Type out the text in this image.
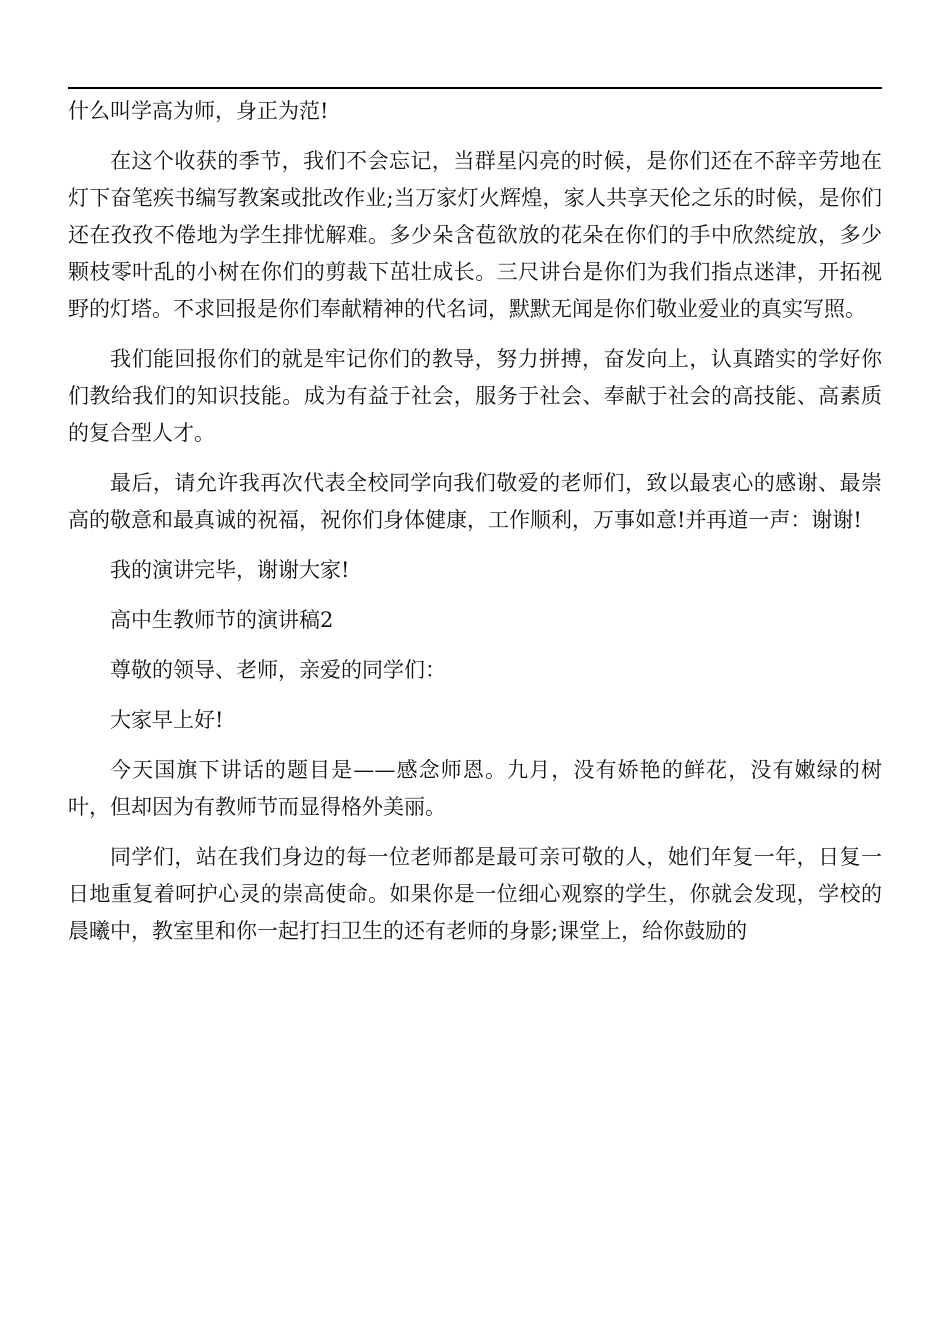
什么叫学高为师，身正为范!

在这个收获的季节，我们不会忘记，当群星闪亮的时候，是你们还在不辞辛劳地在灯下奋笔疾书编写教案或批改作业;当万家灯火辉煌，家人共享天伦之乐的时候，是你们还在孜孜不倦地为学生排忧解难。多少朵含苞欲放的花朵在你们的手中欣然绽放，多少颗枝零叶乱的小树在你们的剪裁下茁壮成长。三尺讲台是你们为我们指点迷津，开拓视野的灯塔。不求回报是你们奉献精神的代名词，默默无闻是你们敬业爱业的真实写照。

我们能回报你们的就是牢记你们的教导，努力拼搏，奋发向上，认真踏实的学好你们教给我们的知识技能。成为有益于社会，服务于社会、奉献于社会的高技能、高素质的复合型人才。

最后，请允许我再次代表全校同学向我们敬爱的老师们，致以最衷心的感谢、最崇高的敬意和最真诚的祝福，祝你们身体健康，工作顺利，万事如意!并再道一声：谢谢!

我的演讲完毕，谢谢大家!

高中生教师节的演讲稿2

尊敬的领导、老师，亲爱的同学们：

大家早上好!

今天国旗下讲话的题目是——感念师恩。九月，没有娇艳的鲜花，没有嫩绿的树叶，但却因为有教师节而显得格外美丽。

同学们，站在我们身边的每一位老师都是最可亲可敬的人，她们年复一年，日复一日地重复着呵护心灵的崇高使命。如果你是一位细心观察的学生，你就会发现，学校的晨曦中，教室里和你一起打扫卫生的还有老师的身影;课堂上，给你鼓励的
